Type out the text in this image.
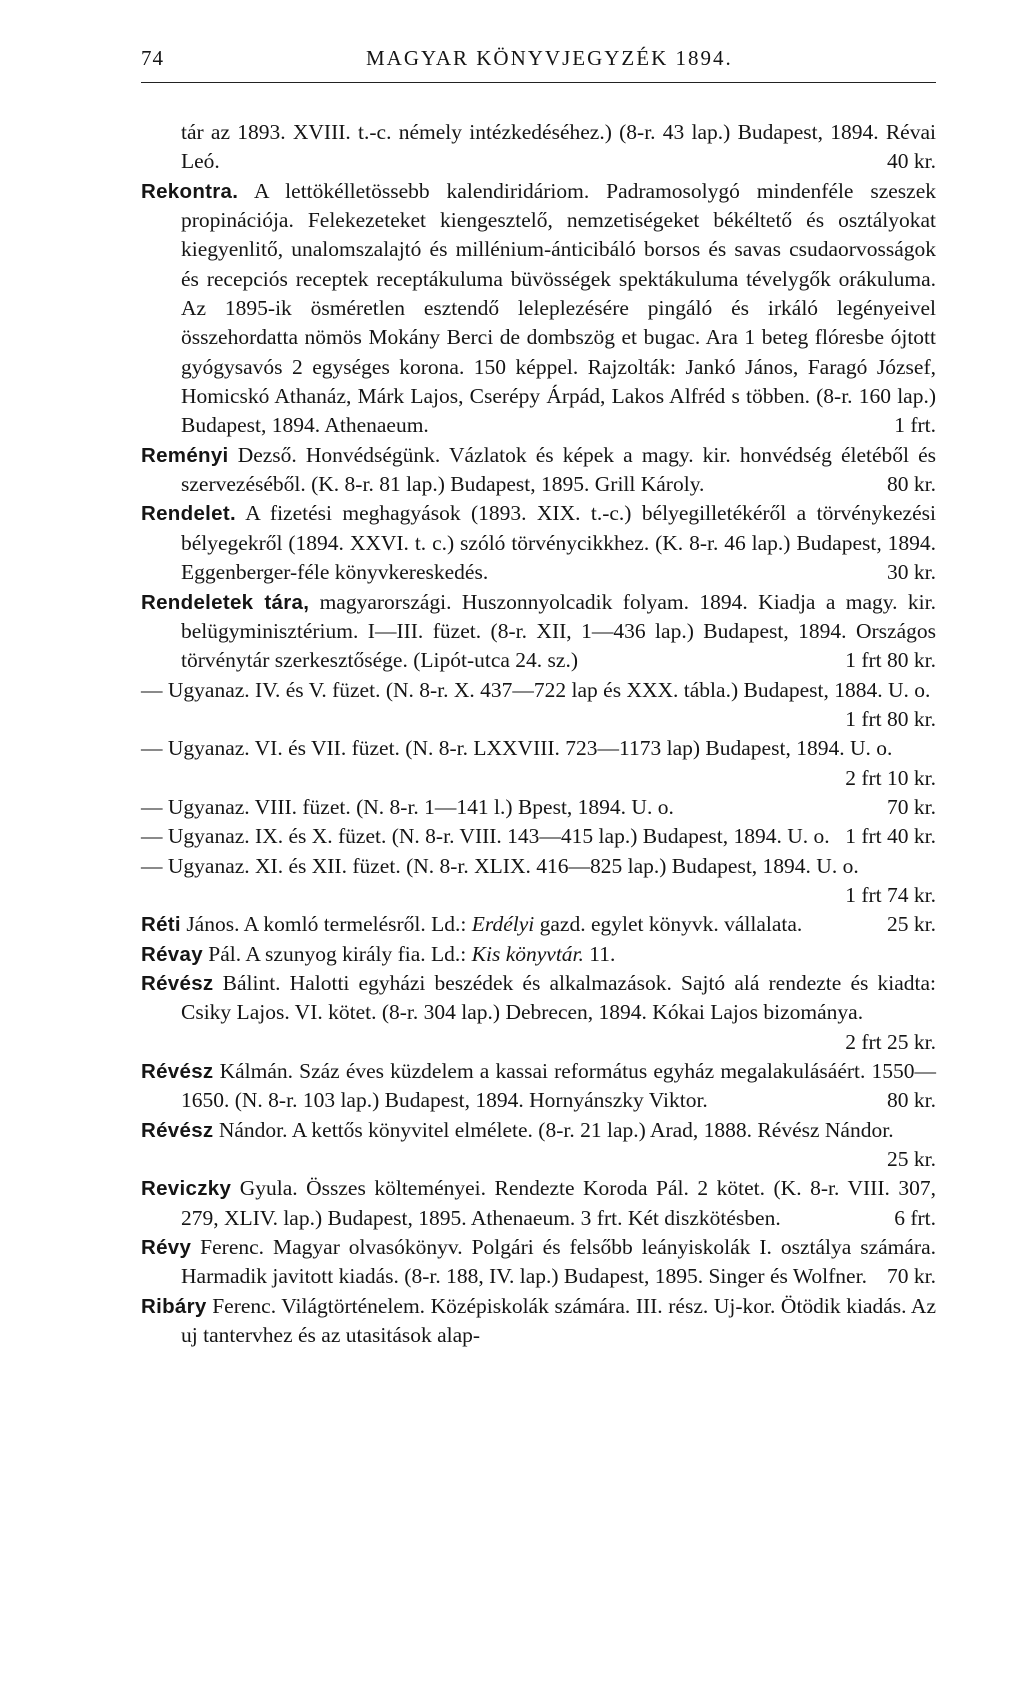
74	MAGYAR KÖNYVJEGYZÉK 1894.

tár az 1893. XVIII. t.-c. némely intézkedéséhez.) (8-r. 43 lap.) Budapest, 1894. Révai Leó.	40 kr.

Rekontra. A lettökélletössebb kalendiridáriom. Padramosolygó mindenféle szeszek propinációja. Felekezeteket kiengesztelő, nemzetiségeket békéltető és osztályokat kiegyenlitő, unalomszalajtó és millénium-ánticibáló borsos és savas csudaorvosságok és recepciós receptek receptákuluma büvösségek spektákuluma tévelygők orákuluma. Az 1895-ik ösméretlen esztendő leleplezésére pingáló és irkáló legényeivel összehordatta nömös Mokány Berci de dombszög et bugac. Ara 1 beteg flóresbe ójtott gyógysavós 2 egységes korona. 150 képpel. Rajzolták: Jankó János, Faragó József, Homicskó Athanáz, Márk Lajos, Cserépy Árpád, Lakos Alfréd s többen. (8-r. 160 lap.) Budapest, 1894. Athenaeum.	1 frt.

Reményi Dezső. Honvédségünk. Vázlatok és képek a magy. kir. honvédség életéből és szervezéséből. (K. 8-r. 81 lap.) Budapest, 1895. Grill Károly.	80 kr.

Rendelet. A fizetési meghagyások (1893. XIX. t.-c.) bélyegilletékéről a törvénykezési bélyegekről (1894. XXVI. t. c.) szóló törvénycikkhez. (K. 8-r. 46 lap.) Budapest, 1894. Eggenberger-féle könyvkereskedés.	30 kr.

Rendeletek tára, magyarországi. Huszonnyolcadik folyam. 1894. Kiadja a magy. kir. belügyminisztérium. I—III. füzet. (8-r. XII, 1—436 lap.) Budapest, 1894. Országos törvénytár szerkesztősége. (Lipót-utca 24. sz.)	1 frt 80 kr.

— Ugyanaz. IV. és V. füzet. (N. 8-r. X. 437—722 lap és XXX. tábla.) Budapest, 1884. U. o.
1 frt 80 kr.

— Ugyanaz. VI. és VII. füzet. (N. 8-r. LXXVIII. 723—1173 lap) Budapest, 1894. U. o.
2 frt 10 kr.

— Ugyanaz. VIII. füzet. (N. 8-r. 1—141 l.) Bpest, 1894. U. o.	70 kr.

— Ugyanaz. IX. és X. füzet. (N. 8-r. VIII. 143—415 lap.) Budapest, 1894. U. o. 1 frt 40 kr.

— Ugyanaz. XI. és XII. füzet. (N. 8-r. XLIX. 416—825 lap.) Budapest, 1894. U. o.
1 frt 74 kr.

Réti János. A komló termelésről. Ld.: Erdélyi gazd. egylet könyvk. vállalata.	25 kr.

Révay Pál. A szunyog király fia. Ld.: Kis könyvtár. 11.

Révész Bálint. Halotti egyházi beszédek és alkalmazások. Sajtó alá rendezte és kiadta: Csiky Lajos. VI. kötet. (8-r. 304 lap.) Debrecen, 1894. Kókai Lajos bizománya.
2 frt 25 kr.

Révész Kálmán. Száz éves küzdelem a kassai református egyház megalakulásáért. 1550—1650. (N. 8-r. 103 lap.) Budapest, 1894. Hornyánszky Viktor.	80 kr.

Révész Nándor. A kettős könyvitel elmélete. (8-r. 21 lap.) Arad, 1888. Révész Nándor.
25 kr.

Reviczky Gyula. Összes költeményei. Rendezte Koroda Pál. 2 kötet. (K. 8-r. VIII. 307, 279, XLIV. lap.) Budapest, 1895. Athenaeum. 3 frt. Két diszkötésben.	6 frt.

Révy Ferenc. Magyar olvasókönyv. Polgári és felsőbb leányiskolák I. osztálya számára. Harmadik javitott kiadás. (8-r. 188, IV. lap.) Budapest, 1895. Singer és Wolfner. 70 kr.

Ribáry Ferenc. Világtörténelem. Középiskolák számára. III. rész. Uj-kor. Ötödik kiadás. Az uj tantervhez és az utasitások alap-
